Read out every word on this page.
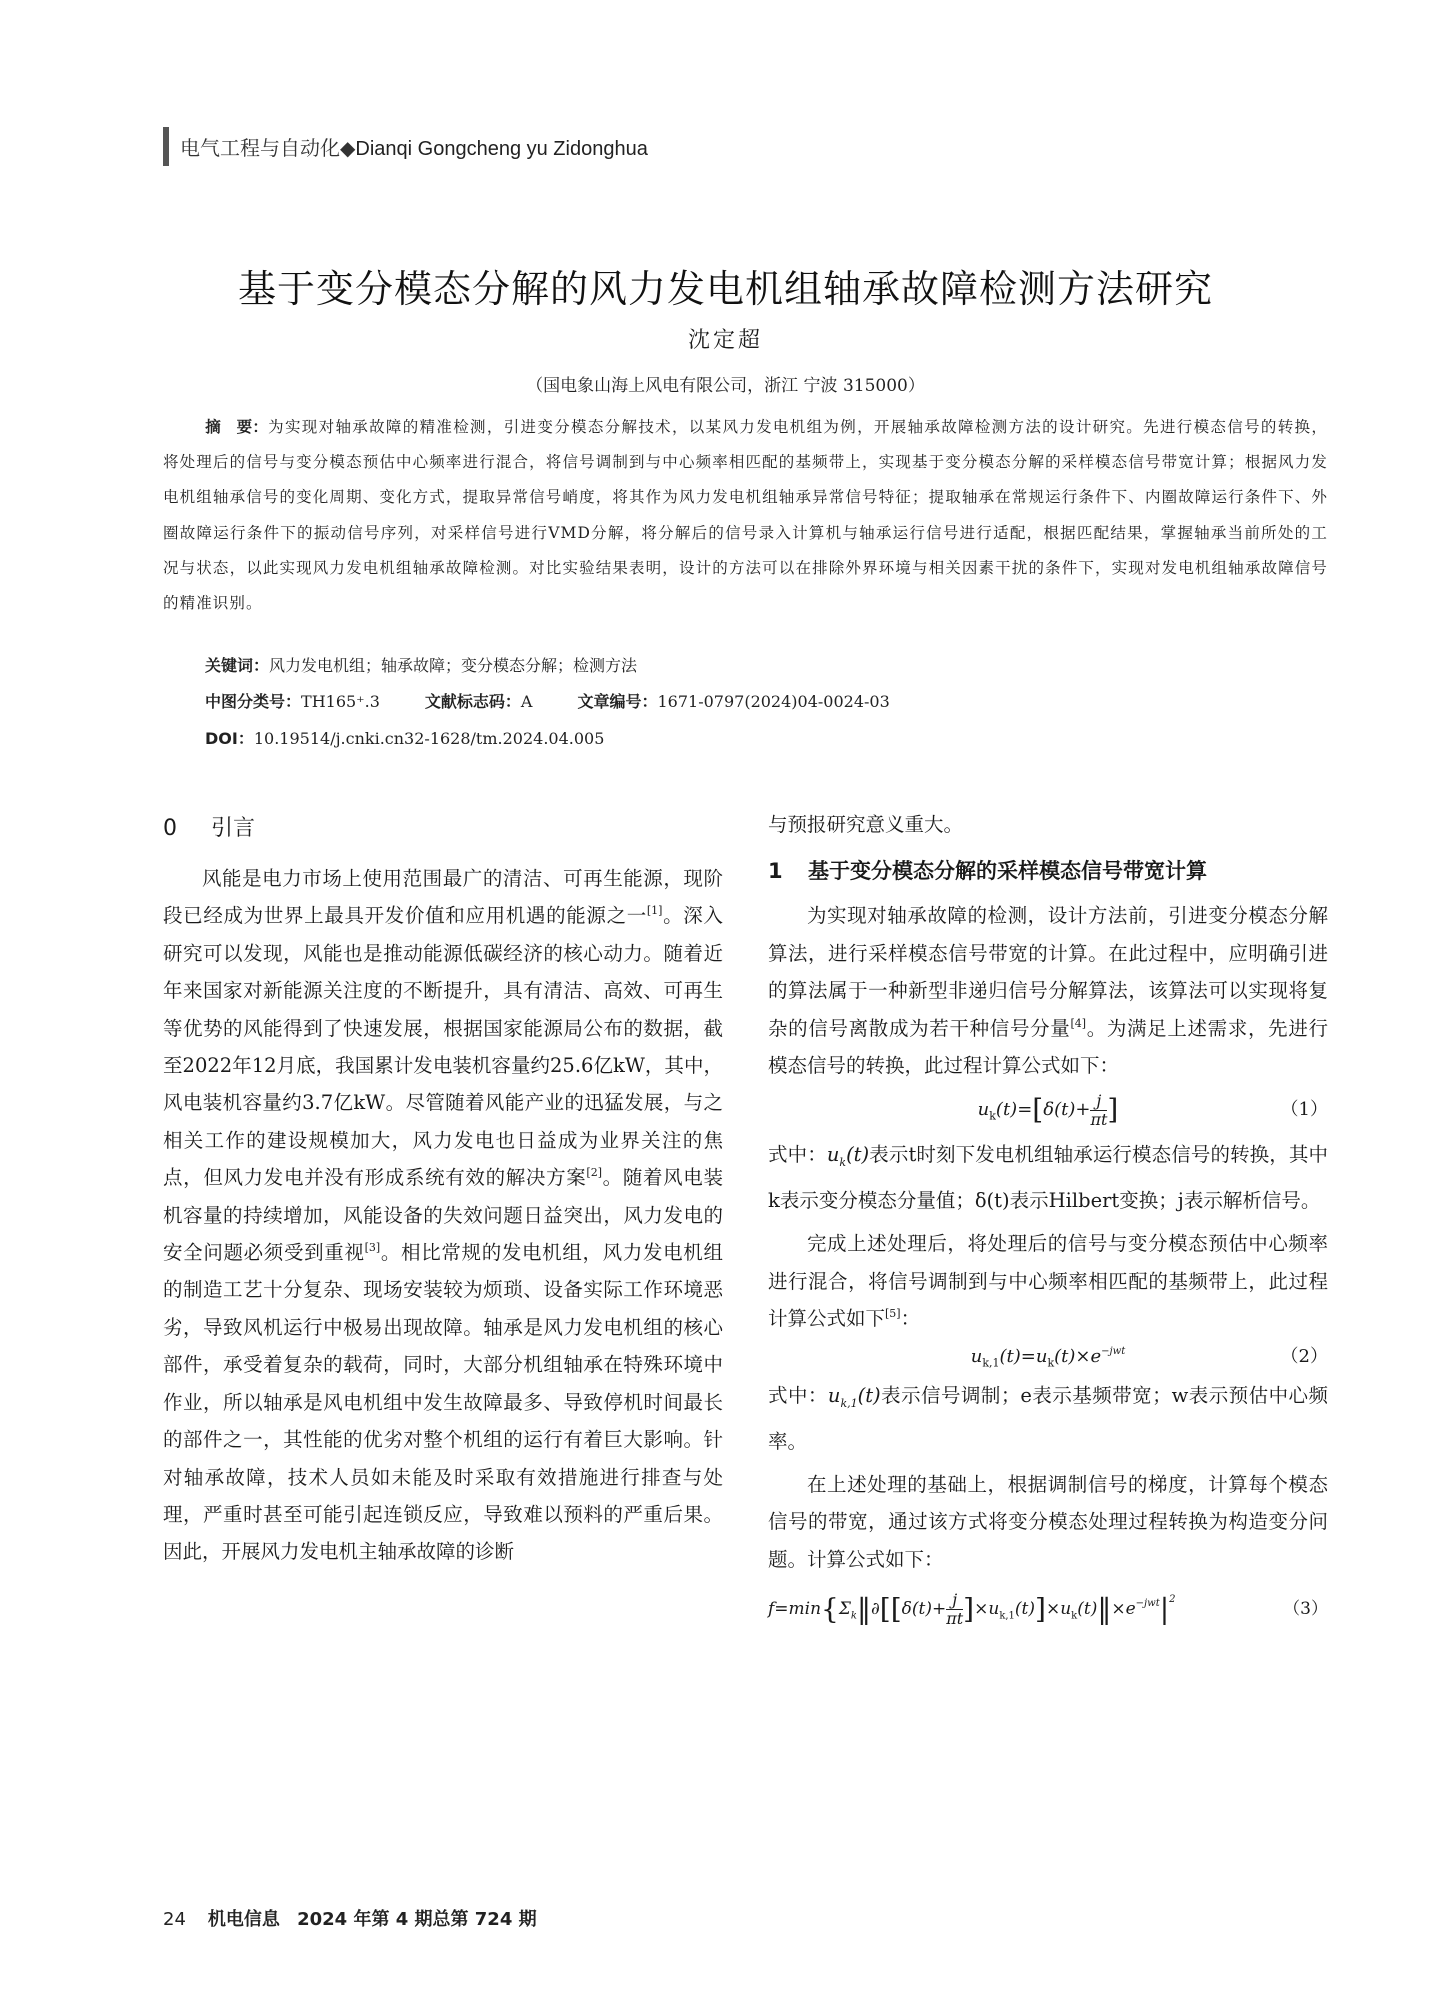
电气工程与自动化◆Dianqi Gongcheng yu Zidonghua
基于变分模态分解的风力发电机组轴承故障检测方法研究
沈定超
（国电象山海上风电有限公司，浙江 宁波 315000）
摘　要：为实现对轴承故障的精准检测，引进变分模态分解技术，以某风力发电机组为例，开展轴承故障检测方法的设计研究。先进行模态信号的转换，将处理后的信号与变分模态预估中心频率进行混合，将信号调制到与中心频率相匹配的基频带上，实现基于变分模态分解的采样模态信号带宽计算；根据风力发电机组轴承信号的变化周期、变化方式，提取异常信号峭度，将其作为风力发电机组轴承异常信号特征；提取轴承在常规运行条件下、内圈故障运行条件下、外圈故障运行条件下的振动信号序列，对采样信号进行VMD分解，将分解后的信号录入计算机与轴承运行信号进行适配，根据匹配结果，掌握轴承当前所处的工况与状态，以此实现风力发电机组轴承故障检测。对比实验结果表明，设计的方法可以在排除外界环境与相关因素干扰的条件下，实现对发电机组轴承故障信号的精准识别。
关键词：风力发电机组；轴承故障；变分模态分解；检测方法
中图分类号：TH165⁺.3	文献标志码：A	文章编号：1671-0797(2024)04-0024-03
DOI：10.19514/j.cnki.cn32-1628/tm.2024.04.005
0 引言

风能是电力市场上使用范围最广的清洁、可再生能源，现阶段已经成为世界上最具开发价值和应用机遇的能源之一[1]。深入研究可以发现，风能也是推动能源低碳经济的核心动力。随着近年来国家对新能源关注度的不断提升，具有清洁、高效、可再生等优势的风能得到了快速发展，根据国家能源局公布的数据，截至2022年12月底，我国累计发电装机容量约25.6亿kW，其中，风电装机容量约3.7亿kW。尽管随着风能产业的迅猛发展，与之相关工作的建设规模加大，风力发电也日益成为业界关注的焦点，但风力发电并没有形成系统有效的解决方案[2]。随着风电装机容量的持续增加，风能设备的失效问题日益突出，风力发电的安全问题必须受到重视[3]。相比常规的发电机组，风力发电机组的制造工艺十分复杂、现场安装较为烦琐、设备实际工作环境恶劣，导致风机运行中极易出现故障。轴承是风力发电机组的核心部件，承受着复杂的载荷，同时，大部分机组轴承在特殊环境中作业，所以轴承是风电机组中发生故障最多、导致停机时间最长的部件之一，其性能的优劣对整个机组的运行有着巨大影响。针对轴承故障，技术人员如未能及时采取有效措施进行排查与处理，严重时甚至可能引起连锁反应，导致难以预料的严重后果。因此，开展风力发电机主轴承故障的诊断

与预报研究意义重大。

1 基于变分模态分解的采样模态信号带宽计算

为实现对轴承故障的检测，设计方法前，引进变分模态分解算法，进行采样模态信号带宽的计算。在此过程中，应明确引进的算法属于一种新型非递归信号分解算法，该算法可以实现将复杂的信号离散成为若干种信号分量[4]。为满足上述需求，先进行模态信号的转换，此过程计算公式如下：

$u_k(t)=[\delta(t)+ \frac{j}{\pi t}$ ]	（1）

式中：$u_k(t)$表示t时刻下发电机组轴承运行模态信号的转换，其中k表示变分模态分量值；δ(t)表示Hilbert变换；j表示解析信号。

完成上述处理后，将处理后的信号与变分模态预估中心频率进行混合，将信号调制到与中心频率相匹配的基频带上，此过程计算公式如下[5]：

$u_{k,1}(t)=u_k(t)\times e^{-jwt}$	（2）

式中：$u_{k,1}(t)$表示信号调制；e表示基频带宽；w表示预估中心频率。

在上述处理的基础上，根据调制信号的梯度，计算每个模态信号的带宽，通过该方式将变分模态处理过程转换为构造变分问题。计算公式如下：

$f=\min\{\Sigma_k‖\partial[[\delta(t)+ \frac{j}{\pi t}$ ]$\times u_{k,1}(t)]\times u_k(t)‖\times e^{-jwt}|^2$	（3）
24 机电信息 2024 年第 4 期总第 724 期
